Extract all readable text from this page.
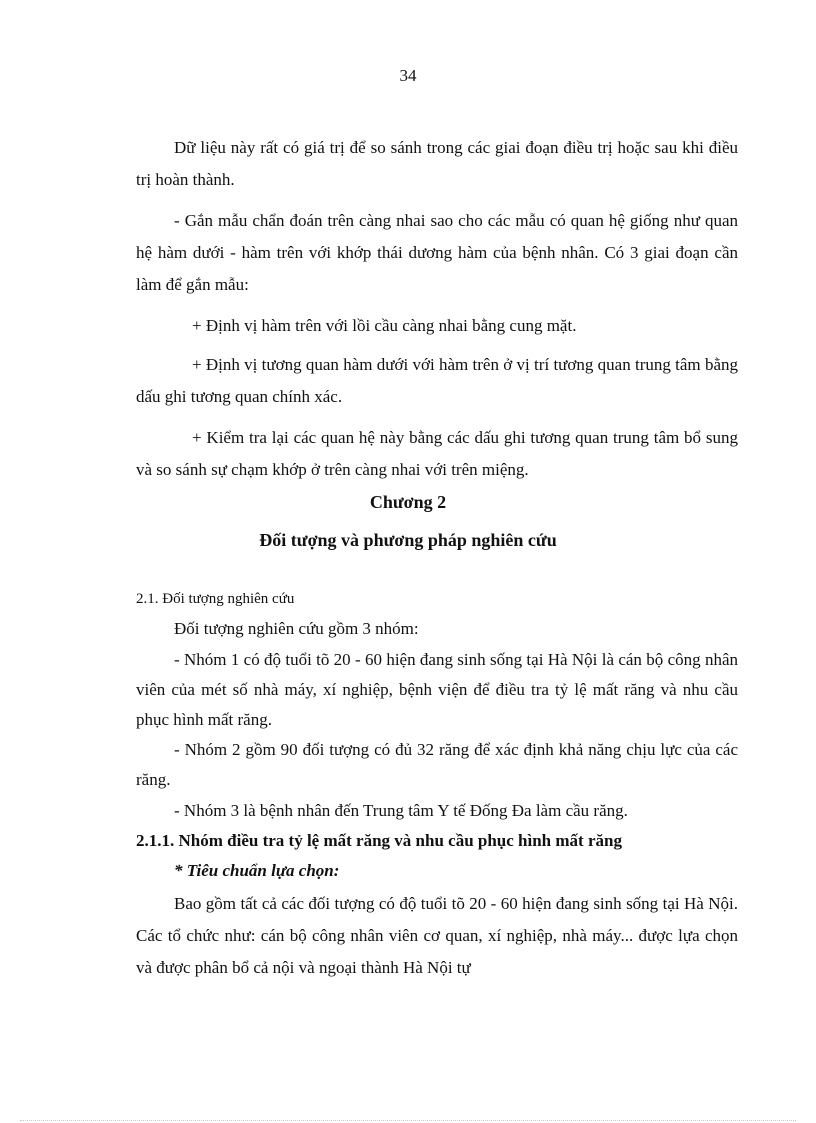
34

Dữ liệu này rất có giá trị để so sánh trong các giai đoạn điều trị hoặc sau khi điều trị hoàn thành.

- Gắn mẫu chẩn đoán trên càng nhai sao cho các mẫu có quan hệ giống như quan hệ hàm dưới - hàm trên với khớp thái dương hàm của bệnh nhân. Có 3 giai đoạn cần làm để gắn mẫu:

+ Định vị hàm trên với lồi cầu càng nhai bằng cung mặt.

+ Định vị tương quan hàm dưới với hàm trên ở vị trí tương quan trung tâm bằng dấu ghi tương quan chính xác.

+ Kiểm tra lại các quan hệ này bằng các dấu ghi tương quan trung tâm bổ sung và so sánh sự chạm khớp ở trên càng nhai với trên miệng.

Chương 2
Đối tượng và phương pháp nghiên cứu

2.1. Đối tượng nghiên cứu

Đối tượng nghiên cứu gồm 3 nhóm:

- Nhóm 1 có độ tuổi tõ 20 - 60 hiện đang sinh sống tại Hà Nội là cán bộ công nhân viên của mét số nhà máy, xí nghiệp, bệnh viện để điều tra tỷ lệ mất răng và nhu cầu phục hình mất răng.

- Nhóm 2 gồm 90 đối tượng có đủ 32 răng để xác định khả năng chịu lực của các răng.

- Nhóm 3 là bệnh nhân đến Trung tâm Y tế Đống Đa làm cầu răng.

2.1.1. Nhóm điều tra tỷ lệ mất răng và nhu cầu phục hình mất răng

* Tiêu chuẩn lựa chọn:

Bao gồm tất cả các đối tượng có độ tuổi tõ 20 - 60 hiện đang sinh sống tại Hà Nội. Các tổ chức như: cán bộ công nhân viên cơ quan, xí nghiệp, nhà máy... được lựa chọn và được phân bổ cả nội và ngoại thành Hà Nội tự
